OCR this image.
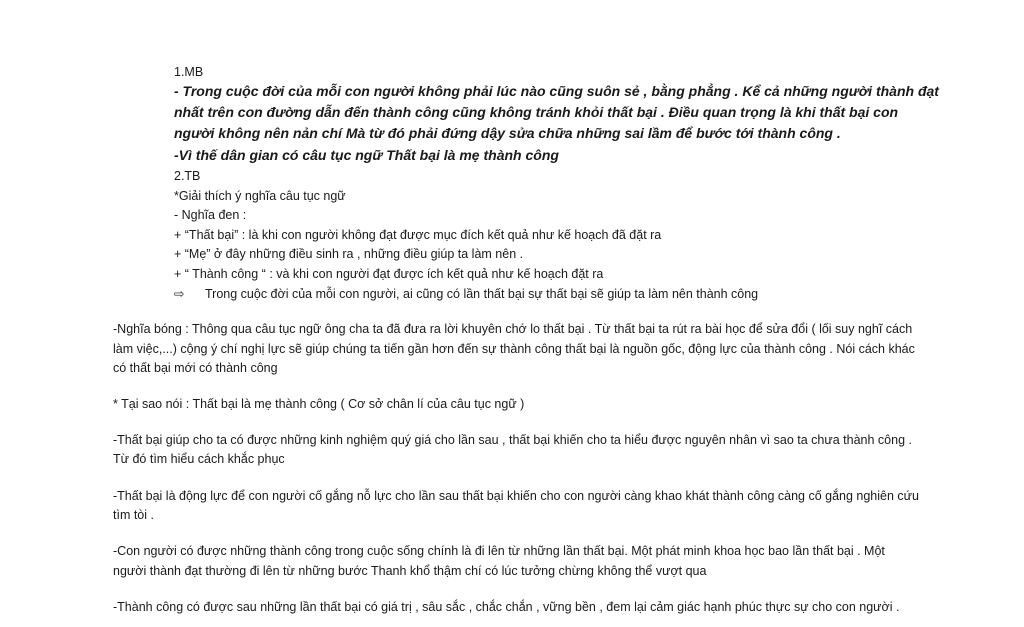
1.MB
- Trong cuộc đời của mỗi con người không phải lúc nào cũng suôn sẻ , bằng phẳng . Kể cả những người thành đạt
nhất trên con đường dẫn đến thành công cũng không tránh khỏi thất bại . Điều quan trọng là khi thất bại con
người không nên nản chí Mà từ đó phải đứng dậy sửa chữa những sai lầm để bước tới thành công .
-Vì thế dân gian có câu tục ngữ Thất bại là mẹ thành công
2.TB
*Giải thích ý nghĩa câu tục ngữ
- Nghĩa đen :
+ “Thất bại” : là khi con người không đạt được mục đích kết quả như kế hoạch đã đặt ra
+ “Mẹ” ở đây những điều sinh ra , những điều giúp ta làm nên .
+ “ Thành công “ : và khi con người đạt được ích kết quả như kế hoạch đặt ra
⇨ Trong cuộc đời của mỗi con người, ai cũng có lần thất bại sự thất bại sẽ giúp ta làm nên thành công
-Nghĩa bóng : Thông qua câu tục ngữ ông cha ta đã đưa ra lời khuyên chớ lo thất bại . Từ thất bại ta rút ra bài học để sửa đổi ( lối suy nghĩ cách
làm việc,...) cộng ý chí nghị lực sẽ giúp chúng ta tiến gần hơn đến sự thành công thất bại là nguồn gốc, động lực của thành công . Nói cách khác
có thất bại mới có thành công
* Tại sao nói : Thất bại là mẹ thành công ( Cơ sở chân lí của câu tục ngữ )
-Thất bại giúp cho ta có được những kinh nghiệm quý giá cho lần sau , thất bại khiến cho ta hiểu được nguyên nhân vì sao ta chưa thành công .
Từ đó tìm hiểu cách khắc phục
-Thất bại là động lực để con người cố gắng nỗ lực cho lần sau thất bại khiến cho con người càng khao khát thành công càng cố gắng nghiên cứu
tìm tòi .
-Con người có được những thành công trong cuộc sống chính là đi lên từ những lần thất bại. Một phát minh khoa học bao lần thất bại . Một
người thành đạt thường đi lên từ những bước Thanh khổ thậm chí có lúc tưởng chừng không thể vượt qua
-Thành công có được sau những lần thất bại có giá trị , sâu sắc , chắc chắn , vững bền , đem lại cảm giác hạnh phúc thực sự cho con người .
